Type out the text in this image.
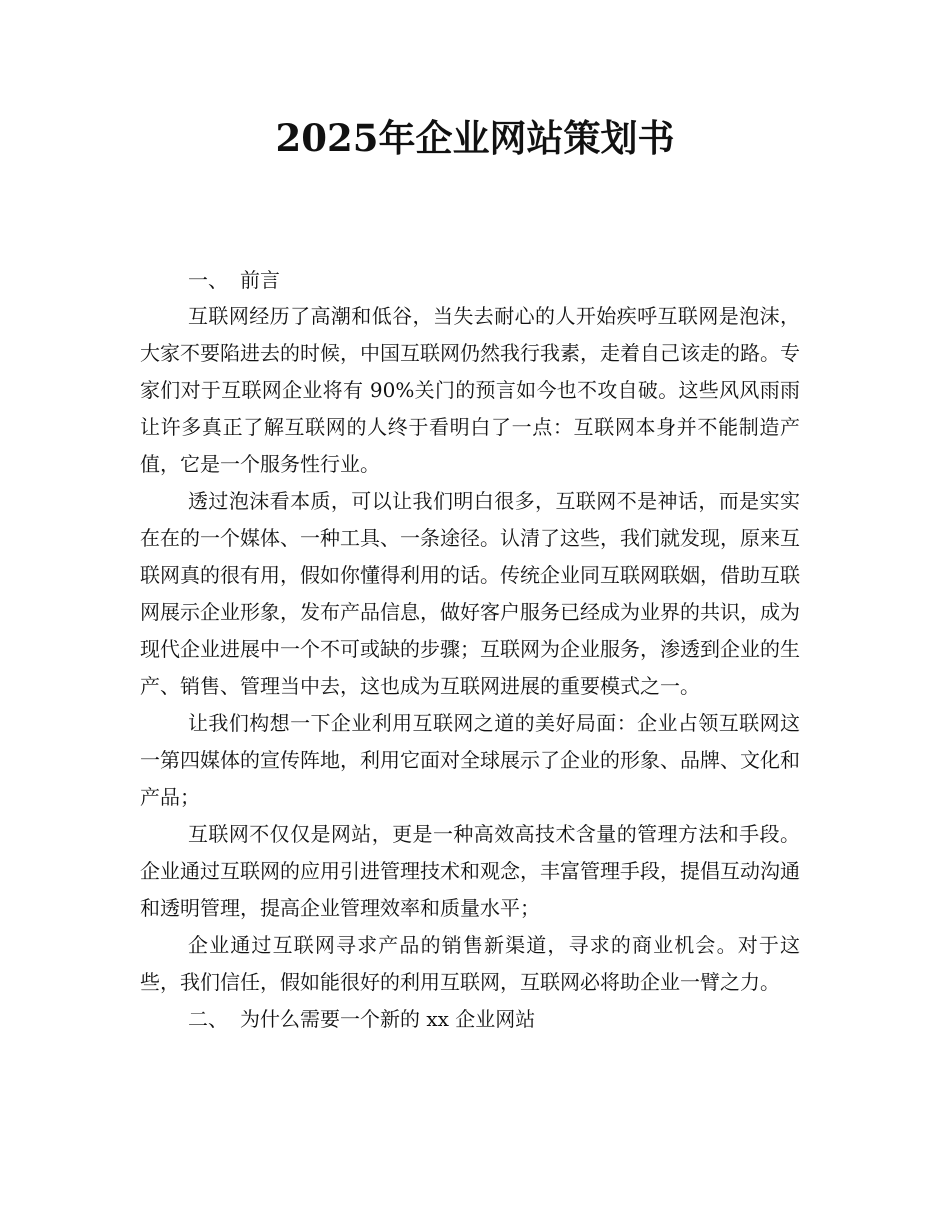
2025年企业网站策划书

一、 前言

互联网经历了高潮和低谷，当失去耐心的人开始疾呼互联网是泡沫，大家不要陷进去的时候，中国互联网仍然我行我素，走着自己该走的路。专家们对于互联网企业将有 90%关门的预言如今也不攻自破。这些风风雨雨让许多真正了解互联网的人终于看明白了一点：互联网本身并不能制造产值，它是一个服务性行业。

透过泡沫看本质，可以让我们明白很多，互联网不是神话，而是实实在在的一个媒体、一种工具、一条途径。认清了这些，我们就发现，原来互联网真的很有用，假如你懂得利用的话。传统企业同互联网联姻，借助互联网展示企业形象，发布产品信息，做好客户服务已经成为业界的共识，成为现代企业进展中一个不可或缺的步骤；互联网为企业服务，渗透到企业的生产、销售、管理当中去，这也成为互联网进展的重要模式之一。

让我们构想一下企业利用互联网之道的美好局面：企业占领互联网这一第四媒体的宣传阵地，利用它面对全球展示了企业的形象、品牌、文化和产品；

互联网不仅仅是网站，更是一种高效高技术含量的管理方法和手段。企业通过互联网的应用引进管理技术和观念，丰富管理手段，提倡互动沟通和透明管理，提高企业管理效率和质量水平；

企业通过互联网寻求产品的销售新渠道，寻求的商业机会。对于这些，我们信任，假如能很好的利用互联网，互联网必将助企业一臂之力。

二、 为什么需要一个新的 xx 企业网站
